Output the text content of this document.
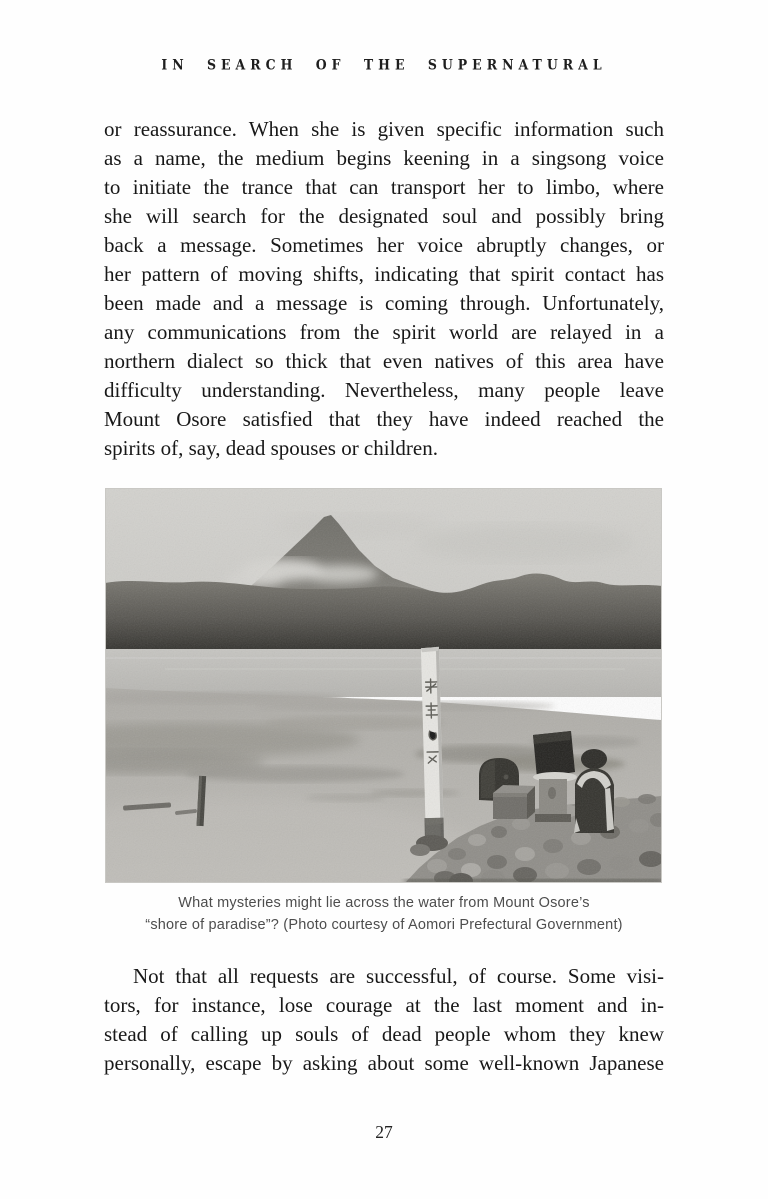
IN SEARCH OF THE SUPERNATURAL
or reassurance. When she is given specific information such
as a name, the medium begins keening in a singsong voice
to initiate the trance that can transport her to limbo, where
she will search for the designated soul and possibly bring
back a message. Sometimes her voice abruptly changes, or
her pattern of moving shifts, indicating that spirit contact has
been made and a message is coming through. Unfortunately,
any communications from the spirit world are relayed in a
northern dialect so thick that even natives of this area have
difficulty understanding. Nevertheless, many people leave
Mount Osore satisfied that they have indeed reached the
spirits of, say, dead spouses or children.
What mysteries might lie across the water from Mount Osore’s
“shore of paradise”? (Photo courtesy of Aomori Prefectural Government)
Not that all requests are successful, of course. Some visi-
tors, for instance, lose courage at the last moment and in-
stead of calling up souls of dead people whom they knew
personally, escape by asking about some well-known Japanese
27
